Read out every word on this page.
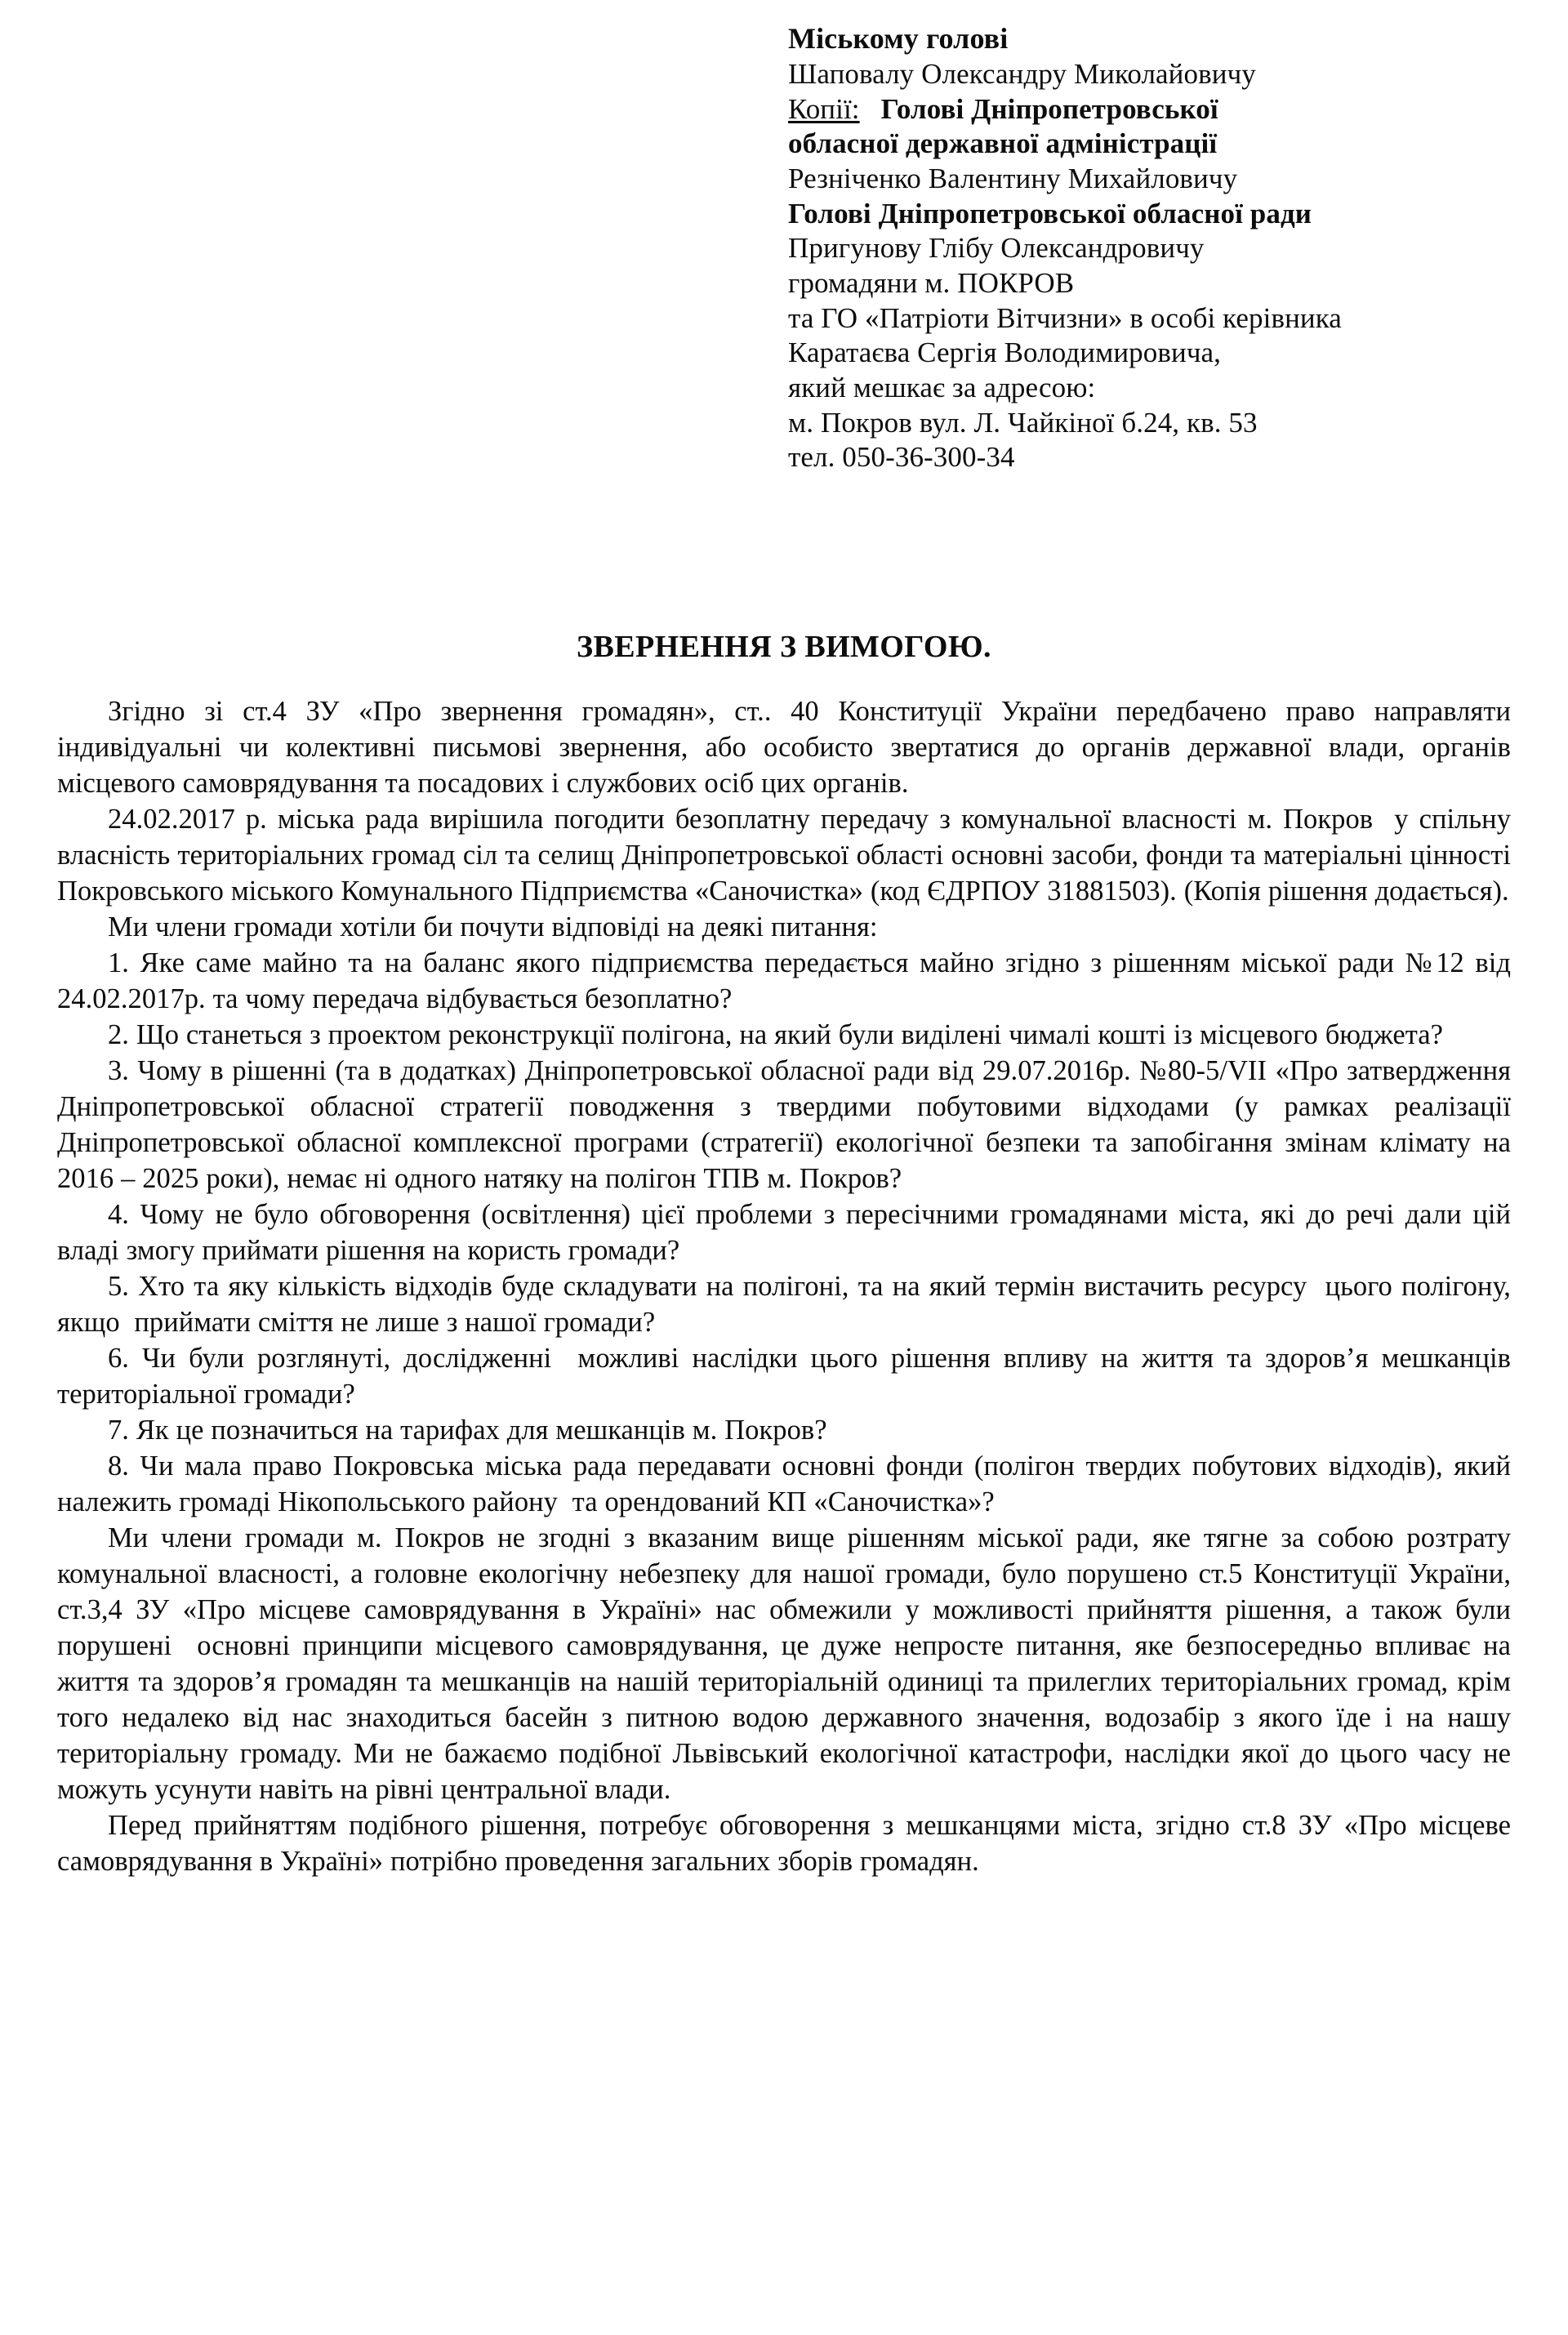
Міському голові
Шаповалу Олександру Миколайовичу
Копії: Голові Дніпропетровської
обласної державної адміністрації
Резніченко Валентину Михайловичу
Голові Дніпропетровської обласної ради
Пригунову Глібу Олександровичу
громадяни м. ПОКРОВ
та ГО «Патріоти Вітчизни» в особі керівника
Каратаєва Сергія Володимировича,
який мешкає за адресою:
м. Покров вул. Л. Чайкіної б.24, кв. 53
тел. 050-36-300-34
ЗВЕРНЕННЯ З ВИМОГОЮ.

Згідно зі ст.4 ЗУ «Про звернення громадян», ст.. 40 Конституції України передбачено право направляти індивідуальні чи колективні письмові звернення, або особисто звертатися до органів державної влади, органів місцевого самоврядування та посадових і службових осіб цих органів.

24.02.2017 р. міська рада вирішила погодити безоплатну передачу з комунальної власності м. Покров  у спільну власність територіальних громад сіл та селищ Дніпропетровської області основні засоби, фонди та матеріальні цінності Покровського міського Комунального Підприємства «Саночистка» (код ЄДРПОУ 31881503). (Копія рішення додається).

Ми члени громади хотіли би почути відповіді на деякі питання:

1. Яке саме майно та на баланс якого підприємства передається майно згідно з рішенням міської ради №12 від 24.02.2017р. та чому передача відбувається безоплатно?

2. Що станеться з проектом реконструкції полігона, на який були виділені чималі кошті із місцевого бюджета?

3. Чому в рішенні (та в додатках) Дніпропетровської обласної ради від 29.07.2016р. №80-5/VII «Про затвердження Дніпропетровської обласної стратегії поводження з твердими побутовими відходами (у рамках реалізації Дніпропетровської обласної комплексної програми (стратегії) екологічної безпеки та запобігання змінам клімату на 2016 – 2025 роки), немає ні одного натяку на полігон ТПВ м. Покров?

4. Чому не було обговорення (освітлення) цієї проблеми з пересічними громадянами міста, які до речі дали цій владі змогу приймати рішення на користь громади?

5. Хто та яку кількість відходів буде складувати на полігоні, та на який термін вистачить ресурсу  цього полігону, якщо  приймати сміття не лише з нашої громади?

6. Чи були розглянуті, дослідженні  можливі наслідки цього рішення впливу на життя та здоров’я мешканців територіальної громади?

7. Як це позначиться на тарифах для мешканців м. Покров?

8. Чи мала право Покровська міська рада передавати основні фонди (полігон твердих побутових відходів), який належить громаді Нікопольського району  та орендований КП «Саночистка»?

Ми члени громади м. Покров не згодні з вказаним вище рішенням міської ради, яке тягне за собою розтрату комунальної власності, а головне екологічну небезпеку для нашої громади, було порушено ст.5 Конституції України, ст.3,4 ЗУ «Про місцеве самоврядування в Україні» нас обмежили у можливості прийняття рішення, а також були порушені  основні принципи місцевого самоврядування, це дуже непросте питання, яке безпосередньо впливає на життя та здоров’я громадян та мешканців на нашій територіальній одиниці та прилеглих територіальних громад, крім того недалеко від нас знаходиться басейн з питною водою державного значення, водозабір з якого їде і на нашу територіальну громаду. Ми не бажаємо подібної Львівський екологічної катастрофи, наслідки якої до цього часу не можуть усунути навіть на рівні центральної влади.

Перед прийняттям подібного рішення, потребує обговорення з мешканцями міста, згідно ст.8 ЗУ «Про місцеве самоврядування в Україні» потрібно проведення загальних зборів громадян.
